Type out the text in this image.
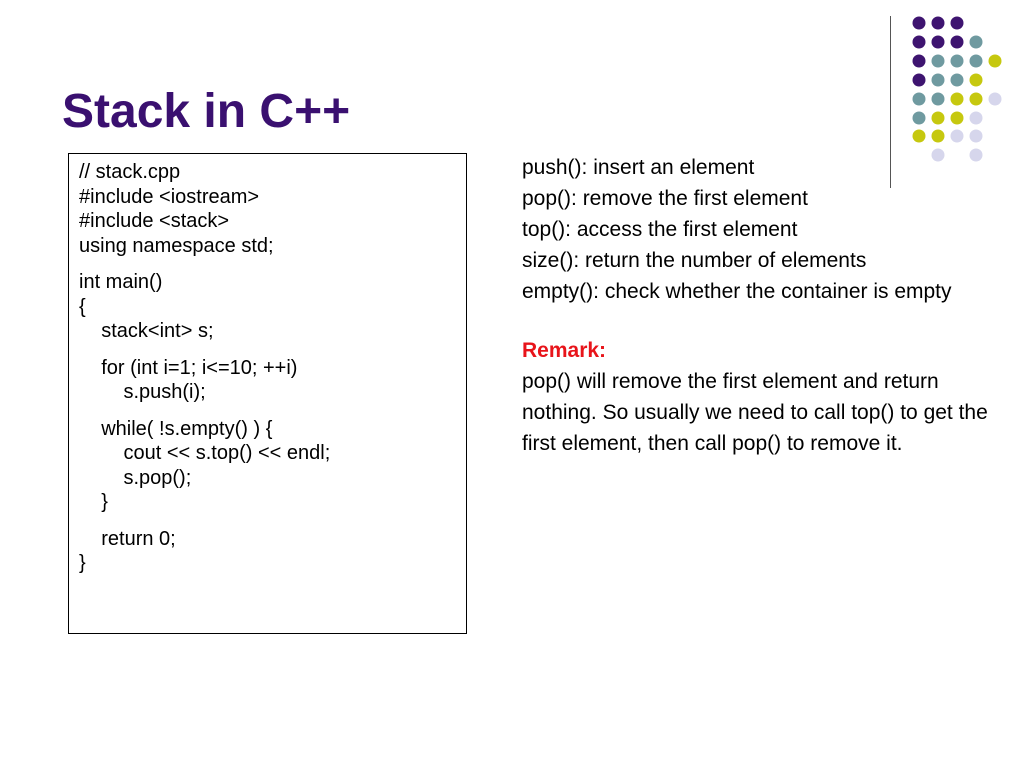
Stack in C++
// stack.cpp
#include <iostream>
#include <stack>
using namespace std;
int main()
{
stack<int> s;
for (int i=1; i<=10; ++i)
s.push(i);
while( !s.empty() ) {
cout << s.top() << endl;
s.pop();
}
return 0;
}
push(): insert an element
pop(): remove the first element
top(): access the first element
size(): return the number of elements
empty(): check whether the container is empty
Remark:
pop() will remove the first element and return nothing. So usually we need to call top() to get the first element, then call pop() to remove it.
